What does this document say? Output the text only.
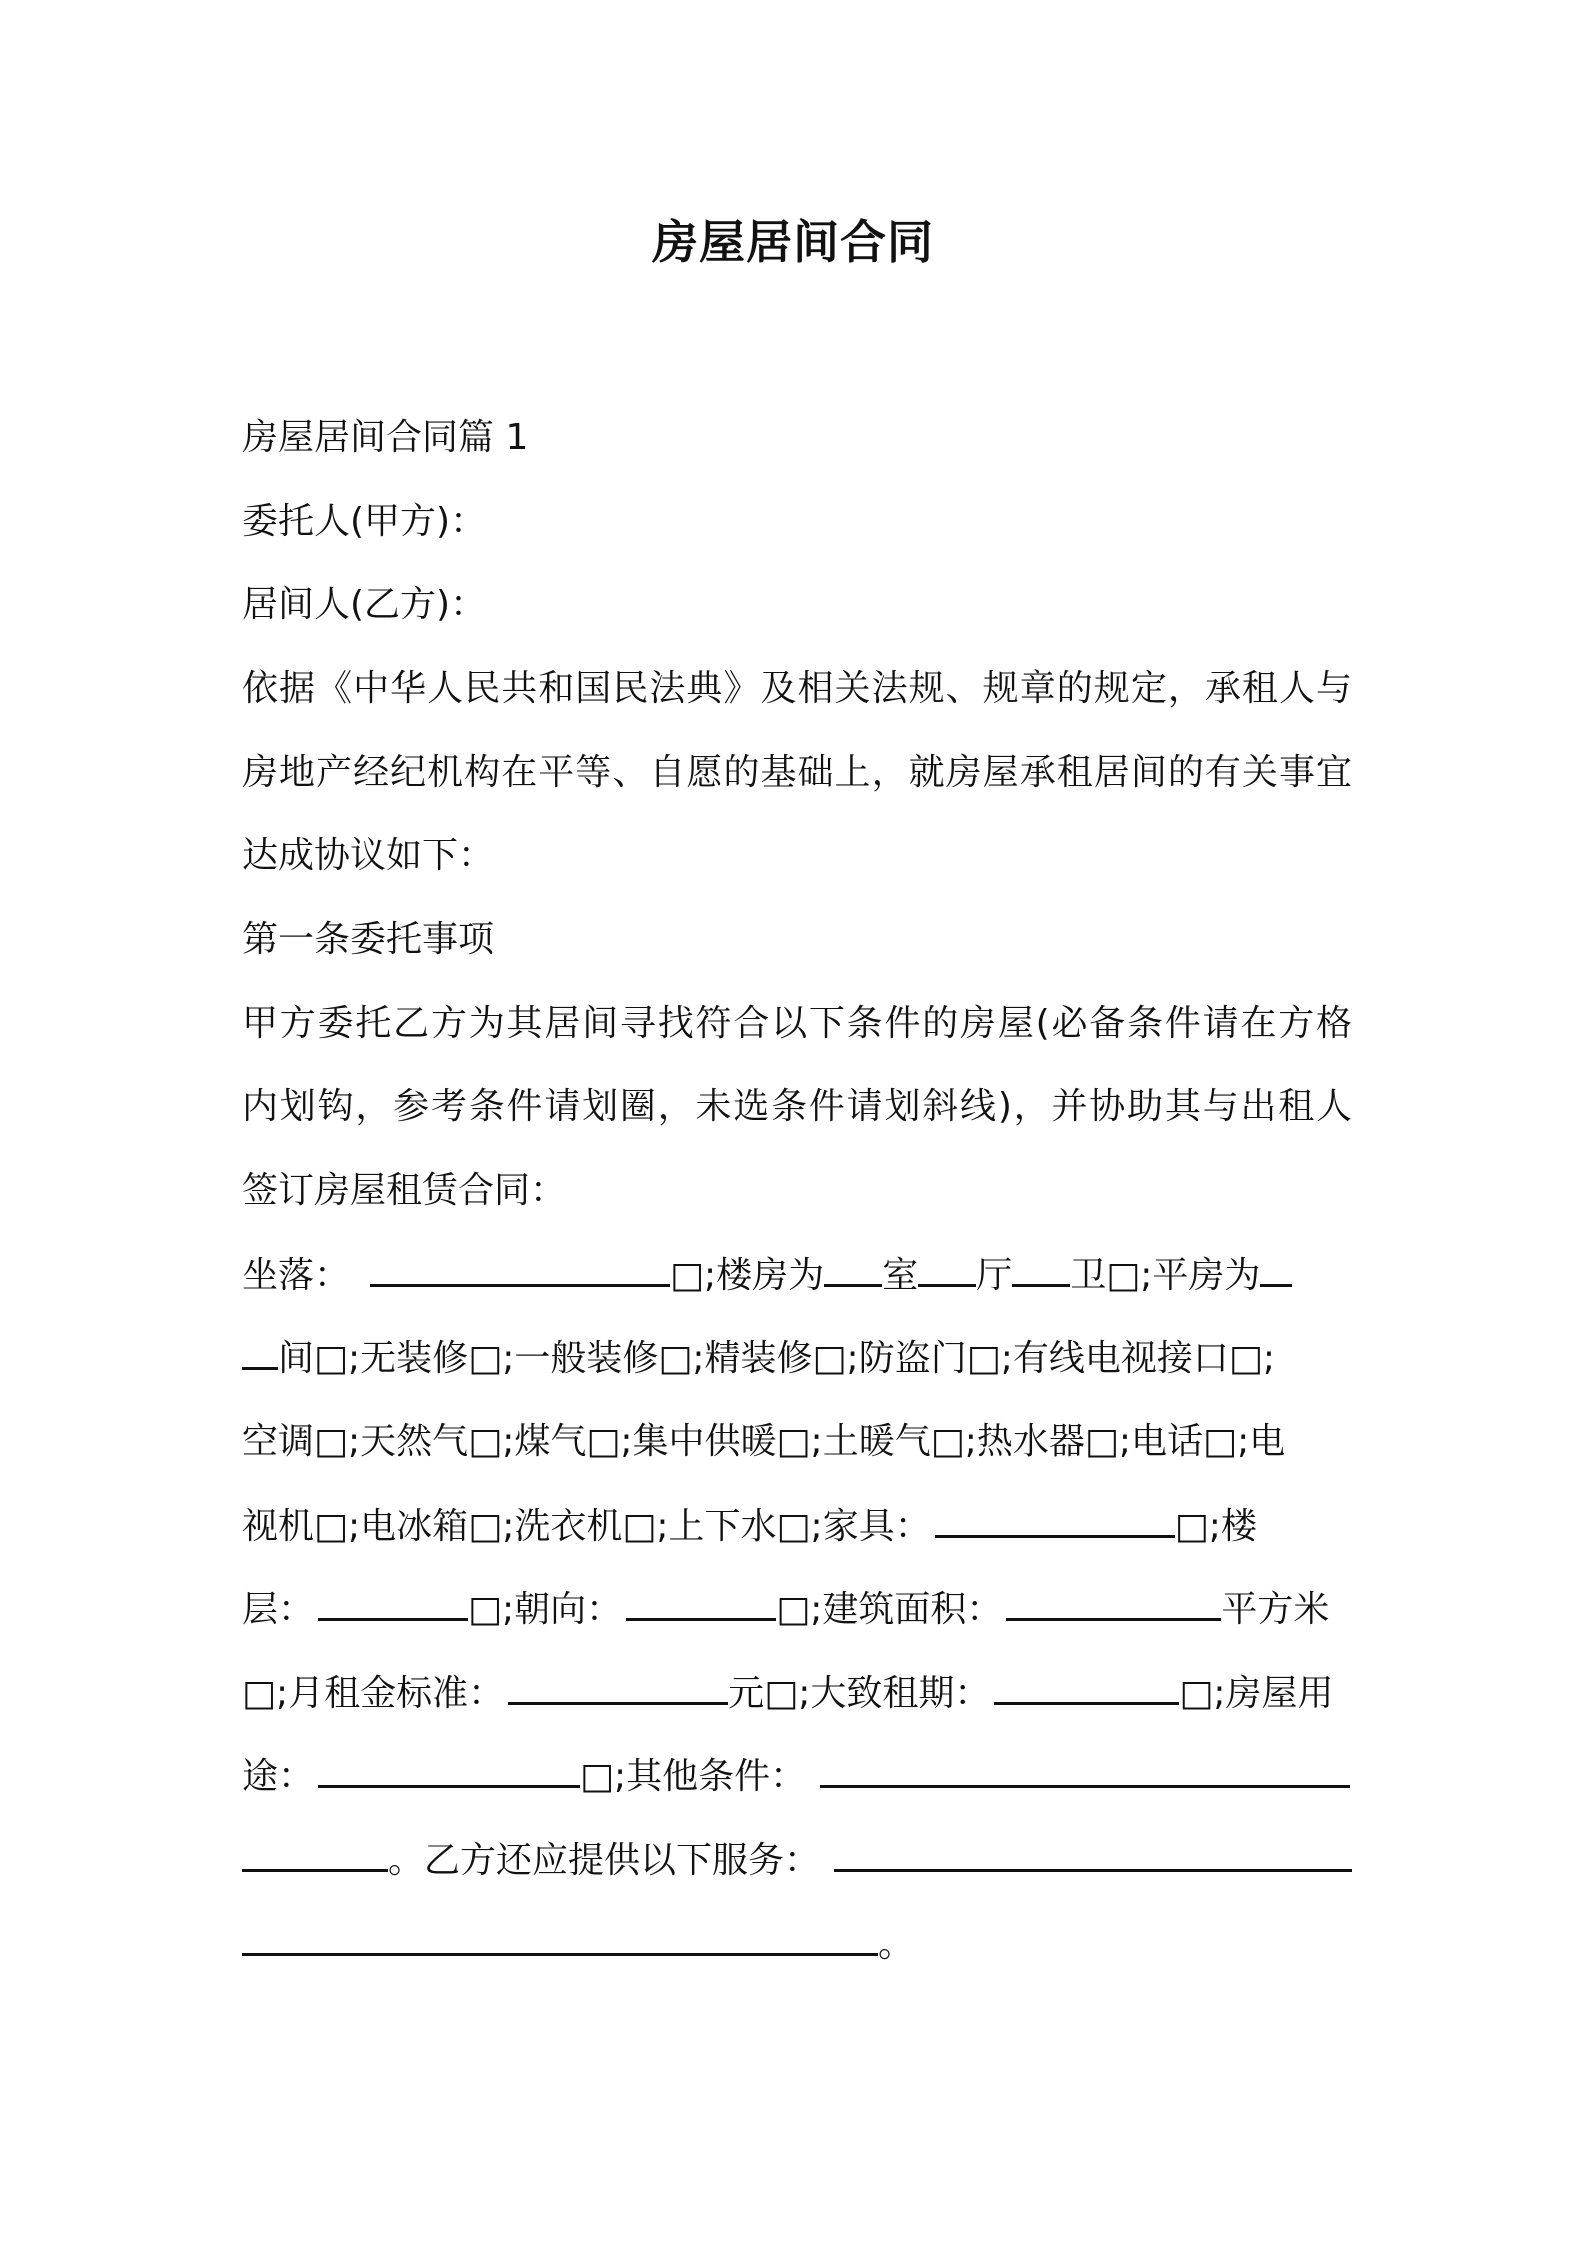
房屋居间合同
房屋居间合同篇 1
委托人(甲方)：
居间人(乙方)：
依据《中华人民共和国民法典》及相关法规、规章的规定，承租人与
房地产经纪机构在平等、自愿的基础上，就房屋承租居间的有关事宜
达成协议如下：
第一条委托事项
甲方委托乙方为其居间寻找符合以下条件的房屋(必备条件请在方格
内划钩，参考条件请划圈，未选条件请划斜线)，并协助其与出租人
签订房屋租赁合同：
坐落：	□;楼房为 室 厅 卫□;平房为
间□;无装修□;一般装修□;精装修□;防盗门□;有线电视接口□;
空调□;天然气□;煤气□;集中供暖□;土暖气□;热水器□;电话□;电
视机□;电冰箱□;洗衣机□;上下水□;家具：	□;楼
层：	□;朝向：	□;建筑面积：	平方米
□;月租金标准：	元□;大致租期：	□;房屋用
途：	□;其他条件：
。乙方还应提供以下服务：
。
